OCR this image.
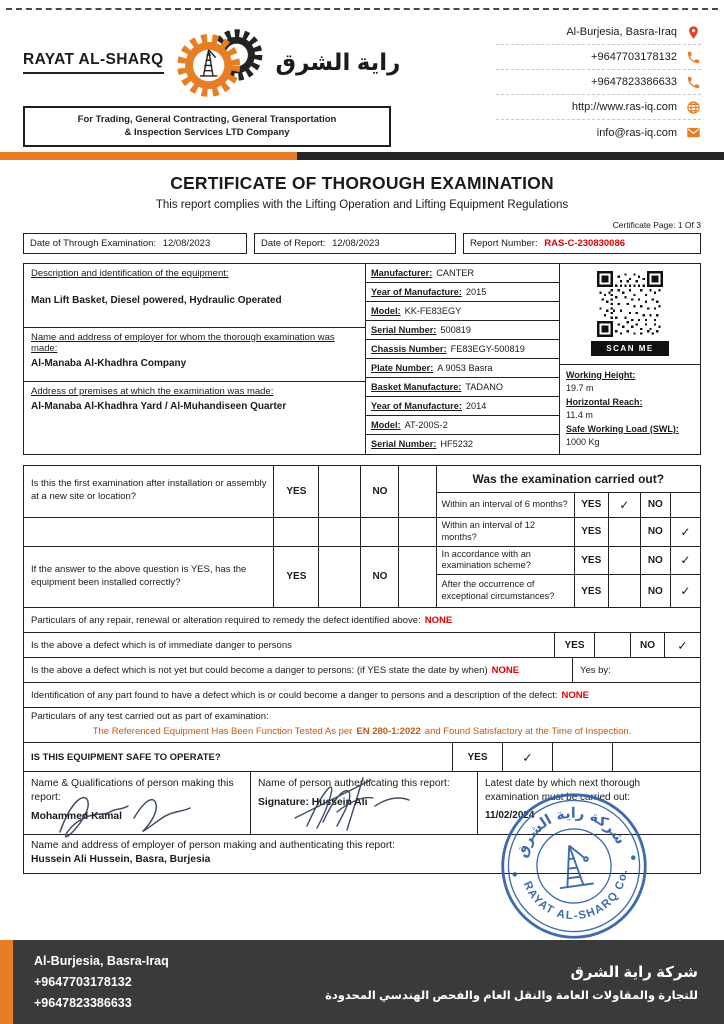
RAYAT AL-SHARQ	راية الشرق
For Trading, General Contracting, General Transportation
& Inspection Services LTD Company
Al-Burjesia, Basra-Iraq
+9647703178132
+9647823386633
http://www.ras-iq.com
info@ras-iq.com
CERTIFICATE OF THOROUGH EXAMINATION
This report complies with the Lifting Operation and Lifting Equipment Regulations
Certificate Page: 1 Of 3
Date of Through Examination: 12/08/2023	Date of Report: 12/08/2023	Report Number: RAS-C-230830086
Description and identification of the equipment:
Man Lift Basket, Diesel powered, Hydraulic Operated
Name and address of employer for whom the thorough examination was made:
Al-Manaba Al-Khadhra Company
Address of premises at which the examination was made:
Al-Manaba Al-Khadhra Yard / Al-Muhandiseen Quarter
Manufacturer: CANTER
Year of Manufacture: 2015
Model: KK-FE83EGY
Serial Number: 500819
Chassis Number: FE83EGY-500819
Plate Number: A 9053 Basra
Basket Manufacture: TADANO
Year of Manufacture: 2014
Model: AT-200S-2
Serial Number: HF5232
SCAN ME
Working Height:
19.7 m
Horizontal Reach:
11.4 m
Safe Working Load (SWL):
1000 Kg
Is this the first examination after installation or assembly at a new site or location?	YES		NO		Was the examination carried out?				
					Within an interval of 6 months?	YES	✓	NO	
					Within an interval of 12 months?	YES		NO	✓
If the answer to the above question is YES, has the equipment been installed correctly?	YES		NO		In accordance with an examination scheme?	YES		NO	✓
					After the occurrence of exceptional circumstances?	YES		NO	✓
Particulars of any repair, renewal or alteration required to remedy the defect identified above: NONE
Is the above a defect which is of immediate danger to persons	YES	NO	✓
Is the above a defect which is not yet but could become a danger to persons: (if YES state the date by when) NONE	Yes by:
Identification of any part found to have a defect which is or could become a danger to persons and a description of the defect: NONE
Particulars of any test carried out as part of examination:
The Referenced Equipment Has Been Function Tested As per EN 280-1:2022 and Found Satisfactory at the Time of Inspection.
IS THIS EQUIPMENT SAFE TO OPERATE?	YES	✓
Name & Qualifications of person making this report:
Mohammed Kamal
Name of person authenticating this report:
Signature: Hussein Ali
Latest date by which next thorough examination must be carried out:
11/02/2024
Name and address of employer of person making and authenticating this report:
Hussein Ali Hussein, Basra, Burjesia
شركة راية الشرق
RAYAT AL-SHARQ Co.
Al-Burjesia, Basra-Iraq
+9647703178132
+9647823386633
شركة راية الشرق
للتجارة والمقاولات العامة والنقل العام والفحص الهندسي المحدودة
